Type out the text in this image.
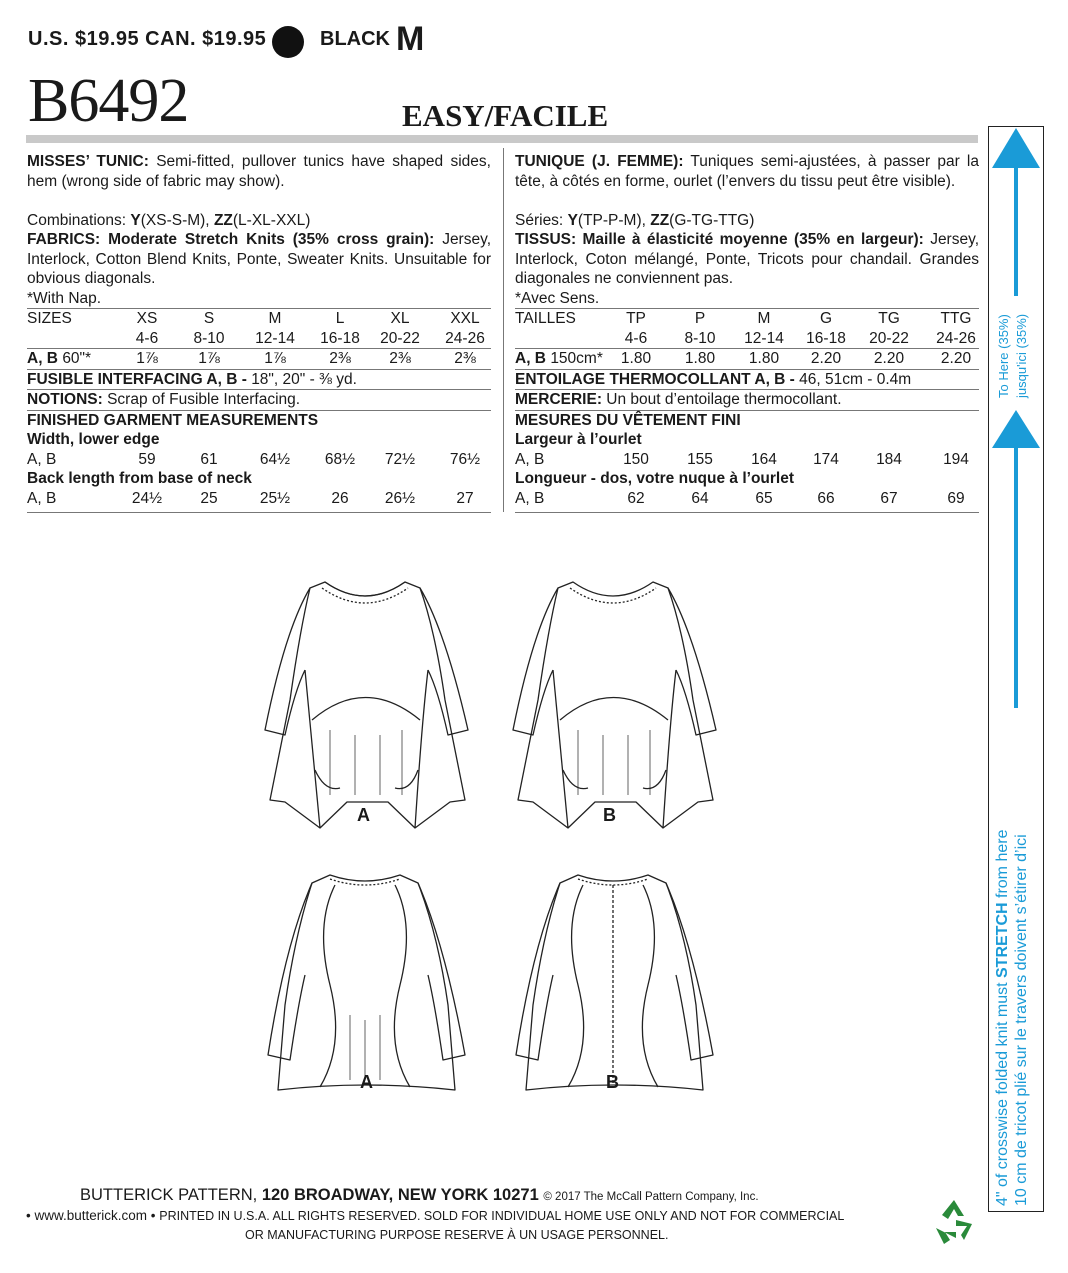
U.S. $19.95 CAN. $19.95	BLACK M
B6492	EASY/FACILE

MISSES’ TUNIC: Semi-fitted, pullover tunics have shaped sides, hem (wrong side of fabric may show).

Combinations: Y(XS-S-M), ZZ(L-XL-XXL)

FABRICS: Moderate Stretch Knits (35% cross grain): Jersey, Interlock, Cotton Blend Knits, Ponte, Sweater Knits. Unsuitable for obvious diagonals.

*With Nap.

SIZES	XS	S	M	L	XL	XXL
4-6 8-10 12-14 16-18 20-22 24-26
A, B 60"*	1⅞	1⅞	1⅞	2⅜ 2⅜	2⅜

FUSIBLE INTERFACING A, B - 18", 20" - ⅜ yd.

NOTIONS: Scrap of Fusible Interfacing.

FINISHED GARMENT MEASUREMENTS

Width, lower edge

A, B	59	61	64½ 68½ 72½ 76½

Back length from base of neck

A, B	24½ 25	25½	26 26½	27

TUNIQUE (J. FEMME): Tuniques semi-ajustées, à passer par la tête, à côtés en forme, ourlet (l’envers du tissu peut être visible).

Séries: Y(TP-P-M), ZZ(G-TG-TTG)

TISSUS: Maille à élasticité moyenne (35% en largeur): Jersey, Interlock, Coton mélangé, Ponte, Tricots pour chandail. Grandes diagonales ne conviennent pas.

*Avec Sens.

TAILLES	TP	P	M	G	TG	TTG
4-6 8-10 12-14 16-18 20-22 24-26
A, B 150cm* 1.80 1.80 1.80 2.20 2.20 2.20

ENTOILAGE THERMOCOLLANT A, B - 46, 51cm - 0.4m

MERCERIE: Un bout d’entoilage thermocollant.

MESURES DU VÊTEMENT FINI

Largeur à l’ourlet

A, B	150 155 164 174 184	194

Longueur - dos, votre nuque à l’ourlet

A, B	62	64	65	66	67	69
A	B
A	B
To Here (35%) jusqu'ici (35%)
4" of crosswise folded knit must STRETCH from here 10 cm de tricot plié sur le travers doivent s’étirer d’ici
BUTTERICK PATTERN, 120 BROADWAY, NEW YORK 10271 © 2017 The McCall Pattern Company, Inc.
• www.butterick.com • PRINTED IN U.S.A. ALL RIGHTS RESERVED. SOLD FOR INDIVIDUAL HOME USE ONLY AND NOT FOR COMMERCIAL
OR MANUFACTURING PURPOSE RESERVE À UN USAGE PERSONNEL.
